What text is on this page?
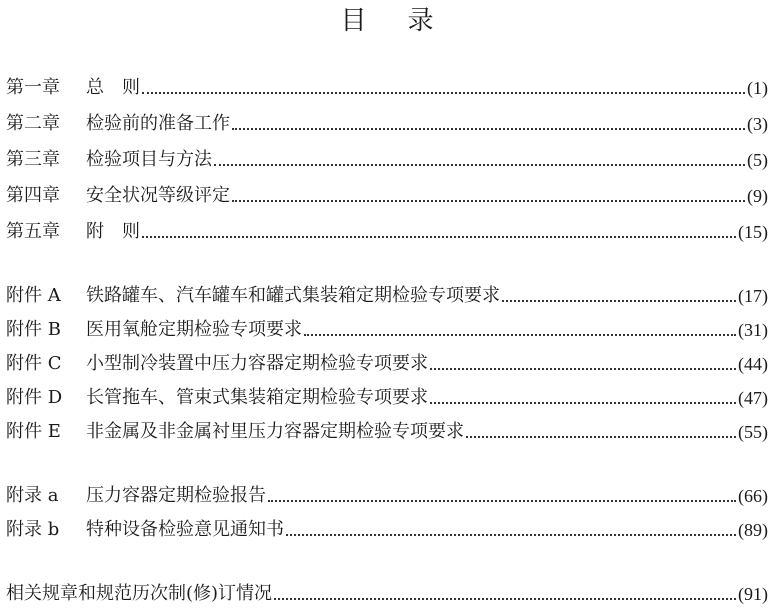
目 录
第一章	总　则	(1)
第二章	检验前的准备工作	(3)
第三章	检验项目与方法	(5)
第四章	安全状况等级评定	(9)
第五章	附　则	(15)
附件 A	铁路罐车、汽车罐车和罐式集装箱定期检验专项要求	(17)
附件 B	医用氧舱定期检验专项要求	(31)
附件 C	小型制冷装置中压力容器定期检验专项要求	(44)
附件 D	长管拖车、管束式集装箱定期检验专项要求	(47)
附件 E	非金属及非金属衬里压力容器定期检验专项要求	(55)
附录 a	压力容器定期检验报告	(66)
附录 b	特种设备检验意见通知书	(89)
相关规章和规范历次制(修)订情况	(91)
